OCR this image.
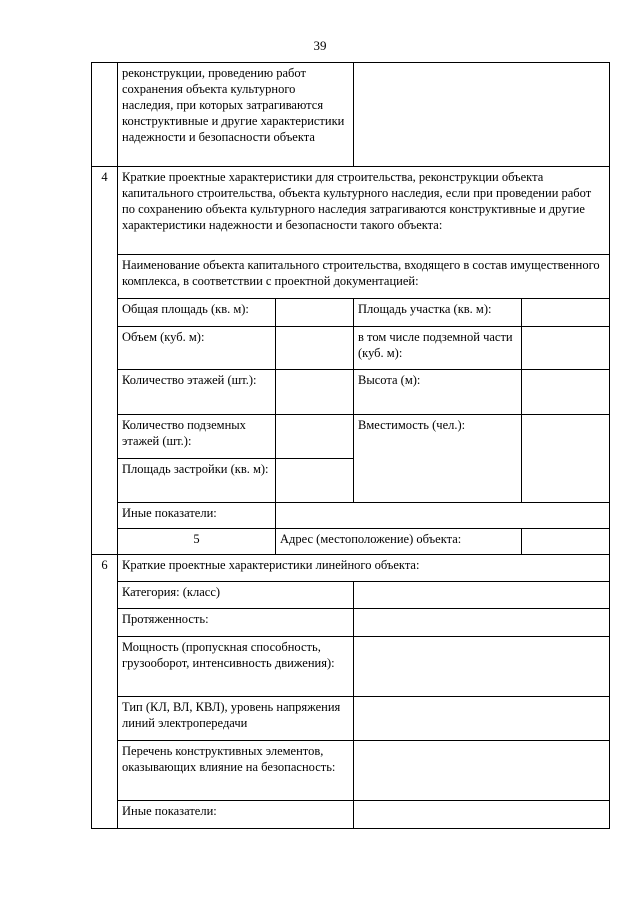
39
	реконструкции, проведению работ сохранения объекта культурного наследия, при которых затрагиваются конструктивные и другие характеристики надежности и безопасности объекта			
4	Краткие проектные характеристики для строительства, реконструкции объекта капитального строительства, объекта культурного наследия, если при проведении работ по сохранению объекта культурного наследия затрагиваются конструктивные и другие характеристики надежности и безопасности такого объекта:			
	Наименование объекта капитального строительства, входящего в состав имущественного комплекса, в соответствии с проектной документацией:			
	Общая площадь (кв. м):		Площадь участка (кв. м):	
	Объем (куб. м):		в том числе подземной части (куб. м):	
	Количество этажей (шт.):		Высота (м):	
	Количество подземных этажей (шт.):		Вместимость (чел.):	
	Площадь застройки (кв. м):			
	Иные показатели:			
	5	Адрес (местоположение) объекта:		
6	Краткие проектные характеристики линейного объекта:			
	Категория: (класс)			
	Протяженность:			
	Мощность (пропускная способность, грузооборот, интенсивность движения):			
	Тип (КЛ, ВЛ, КВЛ), уровень напряжения линий электропередачи			
	Перечень конструктивных элементов, оказывающих влияние на безопасность:			
	Иные показатели:			
